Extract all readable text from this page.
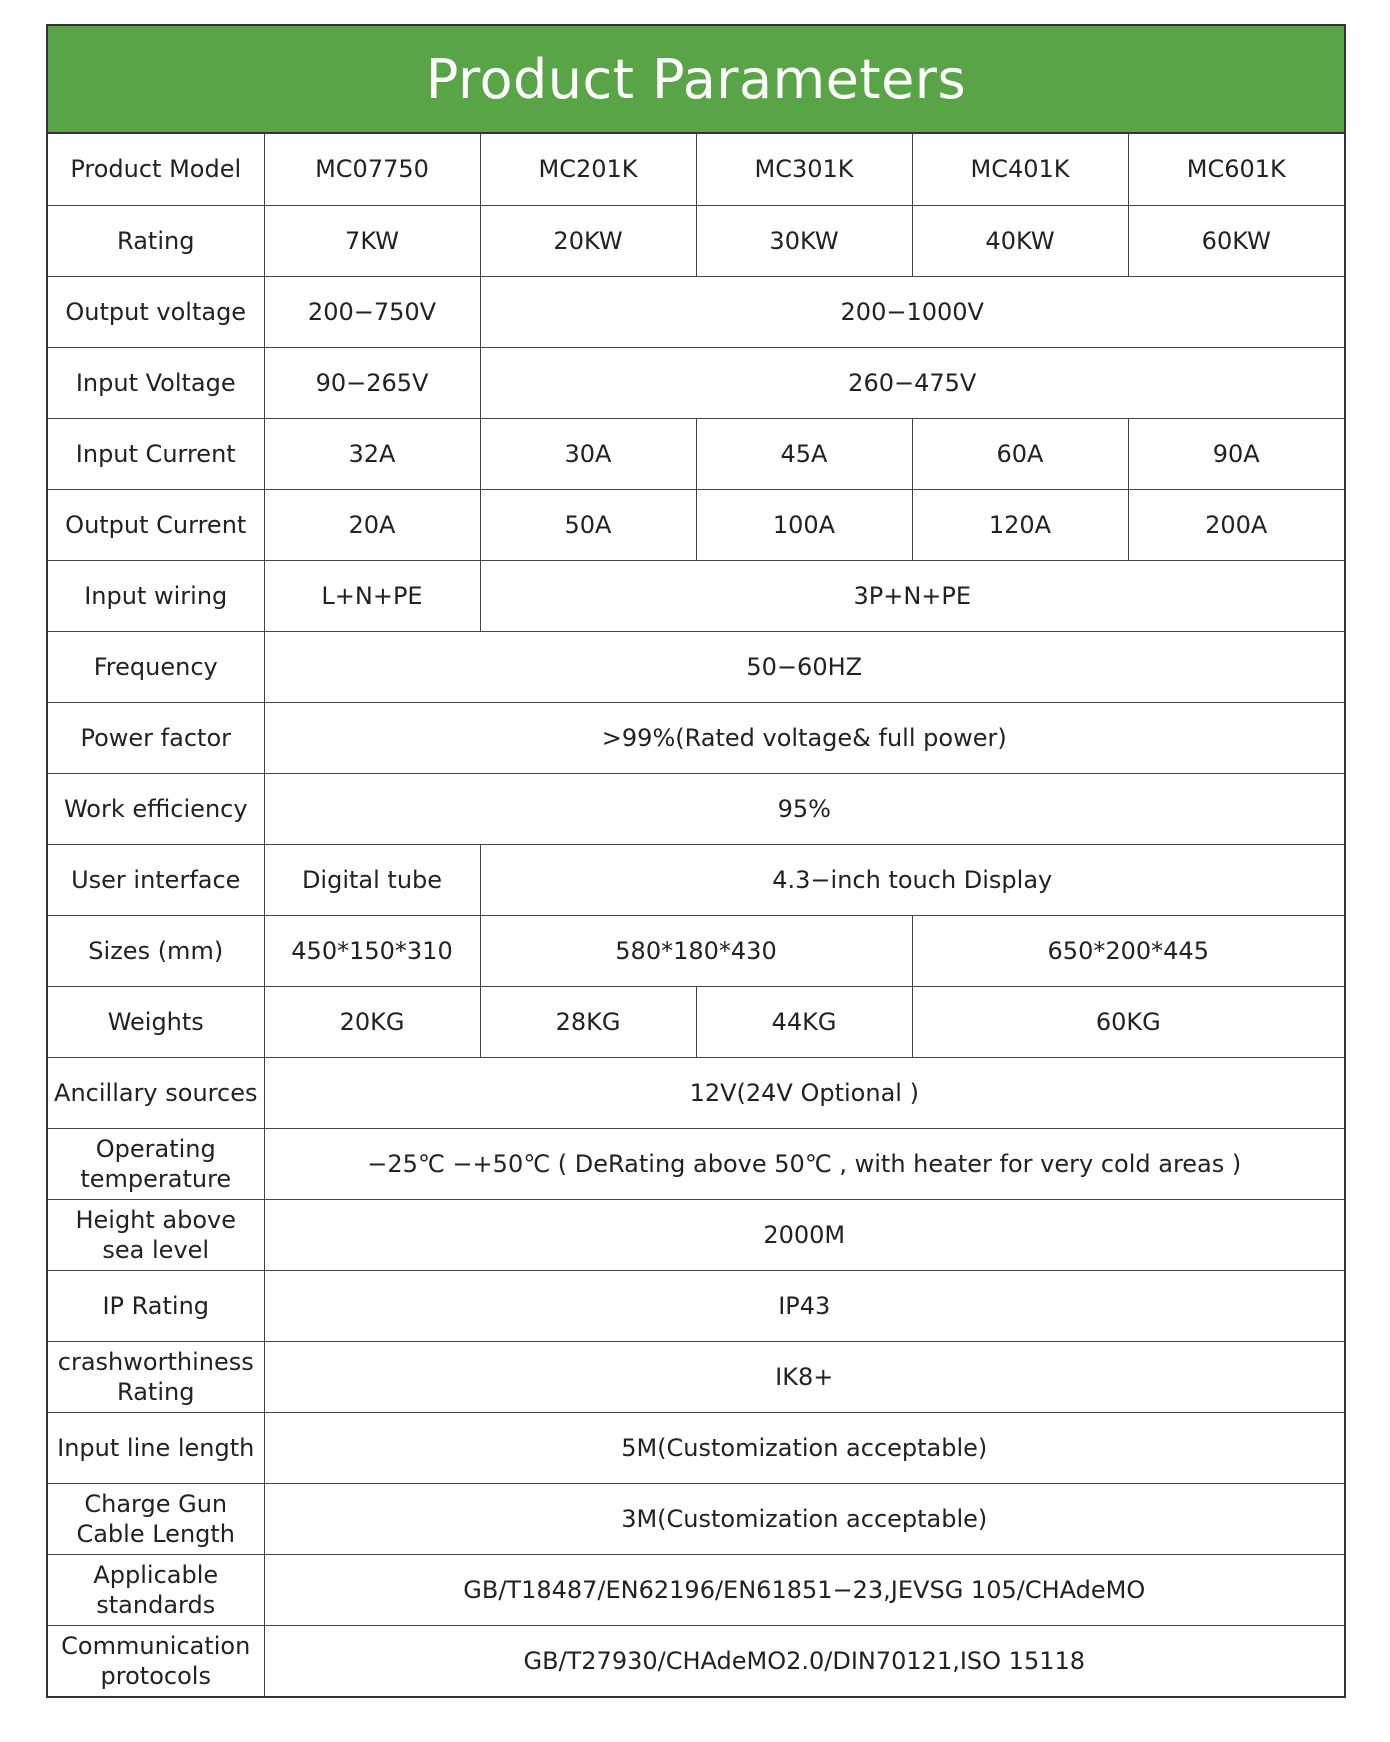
Product Parameters
Product Model	MC07750	MC201K	MC301K	MC401K	MC601K
Rating	7KW	20KW	30KW	40KW	60KW
Output voltage	200−750V	200−1000V			
Input Voltage	90−265V	260−475V			
Input Current	32A	30A	45A	60A	90A
Output Current	20A	50A	100A	120A	200A
Input wiring	L+N+PE	3P+N+PE			
Frequency	50−60HZ				
Power factor	>99%(Rated voltage& full power)				
Work efficiency	95%				
User interface	Digital tube	4.3−inch touch Display			
Sizes (mm)	450*150*310	580*180*430		650*200*445	
Weights	20KG	28KG	44KG	60KG	
Ancillary sources	12V(24V Optional )				
Operating temperature	−25℃ −+50℃ ( DeRating above 50℃ , with heater for very cold areas )				
Height above sea level	2000M				
IP Rating	IP43				
crashworthiness Rating	IK8+				
Input line length	5M(Customization acceptable)				
Charge Gun Cable Length	3M(Customization acceptable)				
Applicable standards	GB/T18487/EN62196/EN61851−23,JEVSG 105/CHAdeMO				
Communication protocols	GB/T27930/CHAdeMO2.0/DIN70121,ISO 15118				
